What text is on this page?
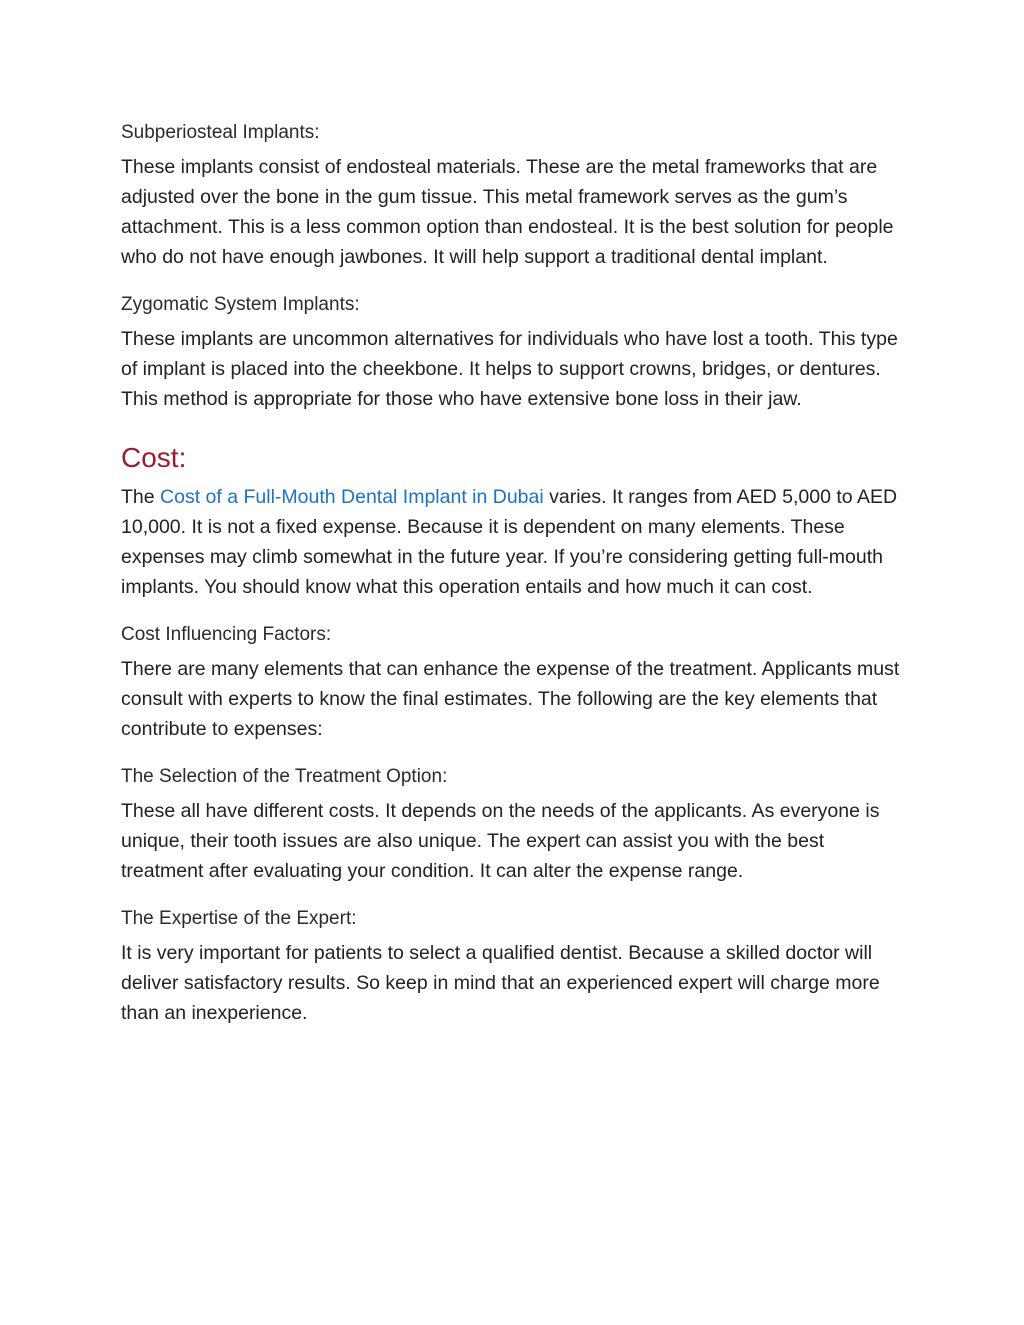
Subperiosteal Implants:

These implants consist of endosteal materials. These are the metal frameworks that are adjusted over the bone in the gum tissue. This metal framework serves as the gum’s attachment. This is a less common option than endosteal. It is the best solution for people who do not have enough jawbones. It will help support a traditional dental implant.

Zygomatic System Implants:

These implants are uncommon alternatives for individuals who have lost a tooth. This type of implant is placed into the cheekbone. It helps to support crowns, bridges, or dentures. This method is appropriate for those who have extensive bone loss in their jaw.

Cost:

The Cost of a Full-Mouth Dental Implant in Dubai varies. It ranges from AED 5,000 to AED 10,000. It is not a fixed expense. Because it is dependent on many elements. These expenses may climb somewhat in the future year. If you’re considering getting full-mouth implants. You should know what this operation entails and how much it can cost.

Cost Influencing Factors:

There are many elements that can enhance the expense of the treatment. Applicants must consult with experts to know the final estimates. The following are the key elements that contribute to expenses:

The Selection of the Treatment Option:

These all have different costs. It depends on the needs of the applicants. As everyone is unique, their tooth issues are also unique. The expert can assist you with the best treatment after evaluating your condition. It can alter the expense range.

The Expertise of the Expert:

It is very important for patients to select a qualified dentist. Because a skilled doctor will deliver satisfactory results. So keep in mind that an experienced expert will charge more than an inexperience.
